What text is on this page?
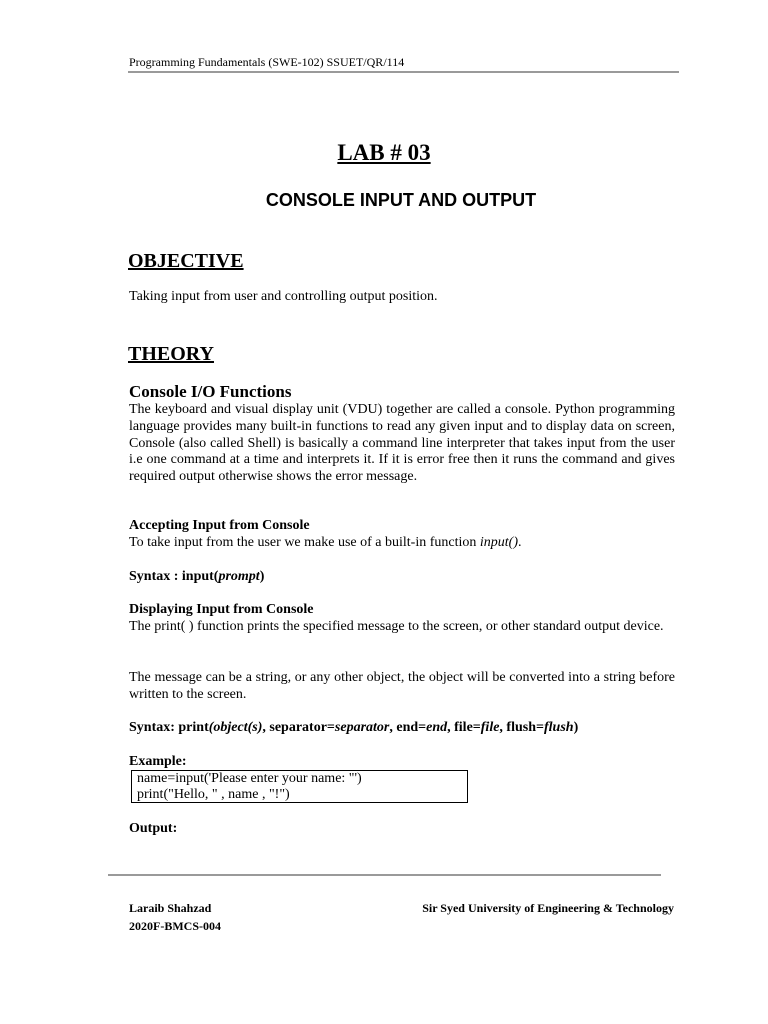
Programming Fundamentals (SWE-102) SSUET/QR/114
LAB # 03
CONSOLE INPUT AND OUTPUT
OBJECTIVE
Taking input from user and controlling output position.
THEORY
Console I/O Functions
The keyboard and visual display unit (VDU) together are called a console. Python programming language provides many built-in functions to read any given input and to display data on screen, Console (also called Shell) is basically a command line interpreter that takes input from the user i.e one command at a time and interprets it. If it is error free then it runs the command and gives required output otherwise shows the error message.
Accepting Input from Console
To take input from the user we make use of a built-in function input().
Syntax : input(prompt)
Displaying Input from Console
The print( ) function prints the specified message to the screen, or other standard output device.
The message can be a string, or any other object, the object will be converted into a string before written to the screen.
Syntax: print(object(s), separator=separator, end=end, file=file, flush=flush)
Example:
name=input('Please enter your name: "')
print("Hello, " , name , "!")
Output:
Laraib Shahzad
2020F-BMCS-004
Sir Syed University of Engineering & Technology
